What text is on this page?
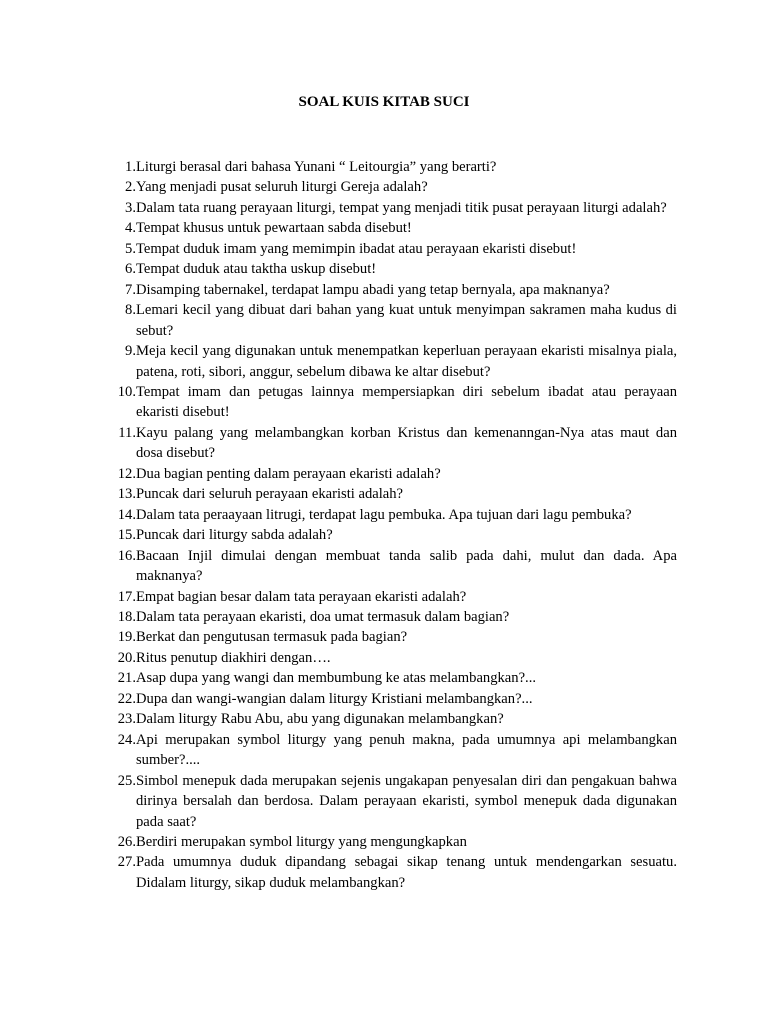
SOAL KUIS KITAB SUCI
1. Liturgi berasal dari bahasa Yunani “ Leitourgia” yang berarti?
2. Yang menjadi pusat seluruh liturgi Gereja adalah?
3. Dalam tata ruang perayaan liturgi, tempat yang menjadi titik pusat perayaan liturgi adalah?
4. Tempat khusus untuk pewartaan sabda disebut!
5. Tempat duduk imam yang memimpin ibadat atau perayaan ekaristi disebut!
6. Tempat duduk atau taktha uskup disebut!
7. Disamping tabernakel, terdapat lampu abadi yang tetap bernyala, apa maknanya?
8. Lemari kecil yang dibuat dari bahan yang kuat untuk menyimpan sakramen maha kudus di sebut?
9. Meja kecil yang digunakan untuk menempatkan keperluan perayaan ekaristi misalnya piala, patena, roti, sibori, anggur, sebelum dibawa ke altar disebut?
10. Tempat imam dan petugas lainnya mempersiapkan diri sebelum ibadat atau perayaan ekaristi disebut!
11. Kayu palang yang melambangkan korban Kristus dan kemenanngan-Nya atas maut dan dosa disebut?
12. Dua bagian penting dalam perayaan ekaristi adalah?
13. Puncak dari seluruh perayaan ekaristi adalah?
14. Dalam tata peraayaan litrugi, terdapat lagu pembuka. Apa tujuan dari lagu pembuka?
15. Puncak dari liturgy sabda adalah?
16. Bacaan Injil dimulai dengan membuat tanda salib pada dahi, mulut dan dada. Apa maknanya?
17. Empat bagian besar dalam tata perayaan ekaristi adalah?
18. Dalam tata perayaan ekaristi, doa umat termasuk dalam bagian?
19. Berkat dan pengutusan termasuk pada bagian?
20. Ritus penutup diakhiri dengan….
21. Asap dupa yang wangi dan membumbung ke atas melambangkan?...
22. Dupa dan wangi-wangian dalam liturgy Kristiani melambangkan?...
23. Dalam liturgy Rabu Abu, abu yang digunakan melambangkan?
24. Api merupakan symbol liturgy yang penuh makna, pada umumnya api melambangkan sumber?....
25. Simbol menepuk dada merupakan sejenis ungakapan penyesalan diri dan pengakuan bahwa dirinya bersalah dan berdosa. Dalam perayaan ekaristi, symbol menepuk dada digunakan pada saat?
26. Berdiri merupakan symbol liturgy yang mengungkapkan
27. Pada umumnya duduk dipandang sebagai sikap tenang untuk mendengarkan sesuatu. Didalam liturgy, sikap duduk melambangkan?
